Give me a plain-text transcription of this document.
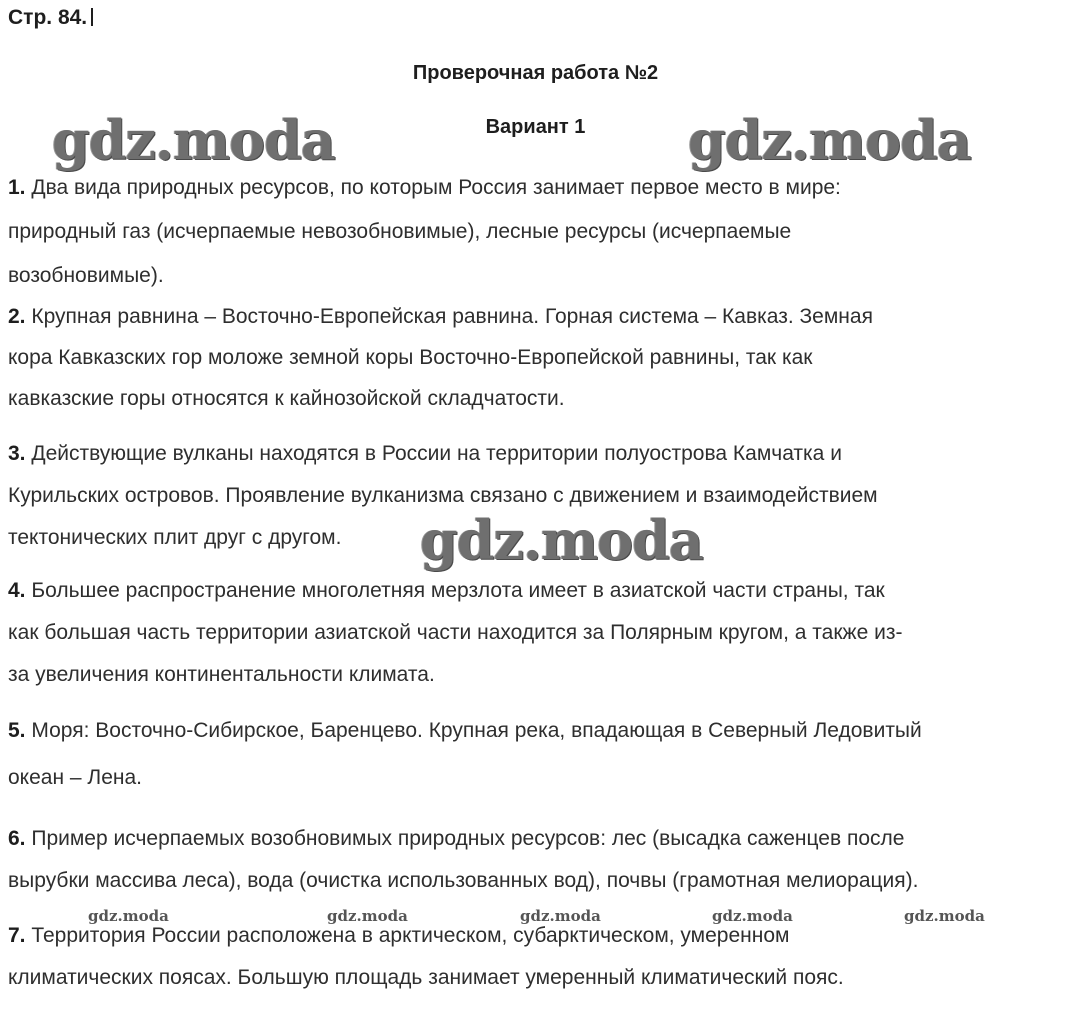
Стр. 84.
Проверочная работа №2
Вариант 1
gdz.moda	gdz.moda
gdz.moda
1. Два вида природных ресурсов, по которым Россия занимает первое место в мире:
природный газ (исчерпаемые невозобновимые), лесные ресурсы (исчерпаемые
возобновимые).
2. Крупная равнина – Восточно-Европейская равнина. Горная система – Кавказ. Земная
кора Кавказских гор моложе земной коры Восточно-Европейской равнины, так как
кавказские горы относятся к кайнозойской складчатости.
3. Действующие вулканы находятся в России на территории полуострова Камчатка и
Курильских островов. Проявление вулканизма связано с движением и взаимодействием
тектонических плит друг с другом.
4. Большее распространение многолетняя мерзлота имеет в азиатской части страны, так
как большая часть территории азиатской части находится за Полярным кругом, а также из-
за увеличения континентальности климата.
5. Моря: Восточно-Сибирское, Баренцево. Крупная река, впадающая в Северный Ледовитый
океан – Лена.
6. Пример исчерпаемых возобновимых природных ресурсов: лес (высадка саженцев после
вырубки массива леса), вода (очистка использованных вод), почвы (грамотная мелиорация).
gdz.moda	gdz.moda	gdz.moda	gdz.moda	gdz.moda
7. Территория России расположена в арктическом, субарктическом, умеренном
климатических поясах. Большую площадь занимает умеренный климатический пояс.
